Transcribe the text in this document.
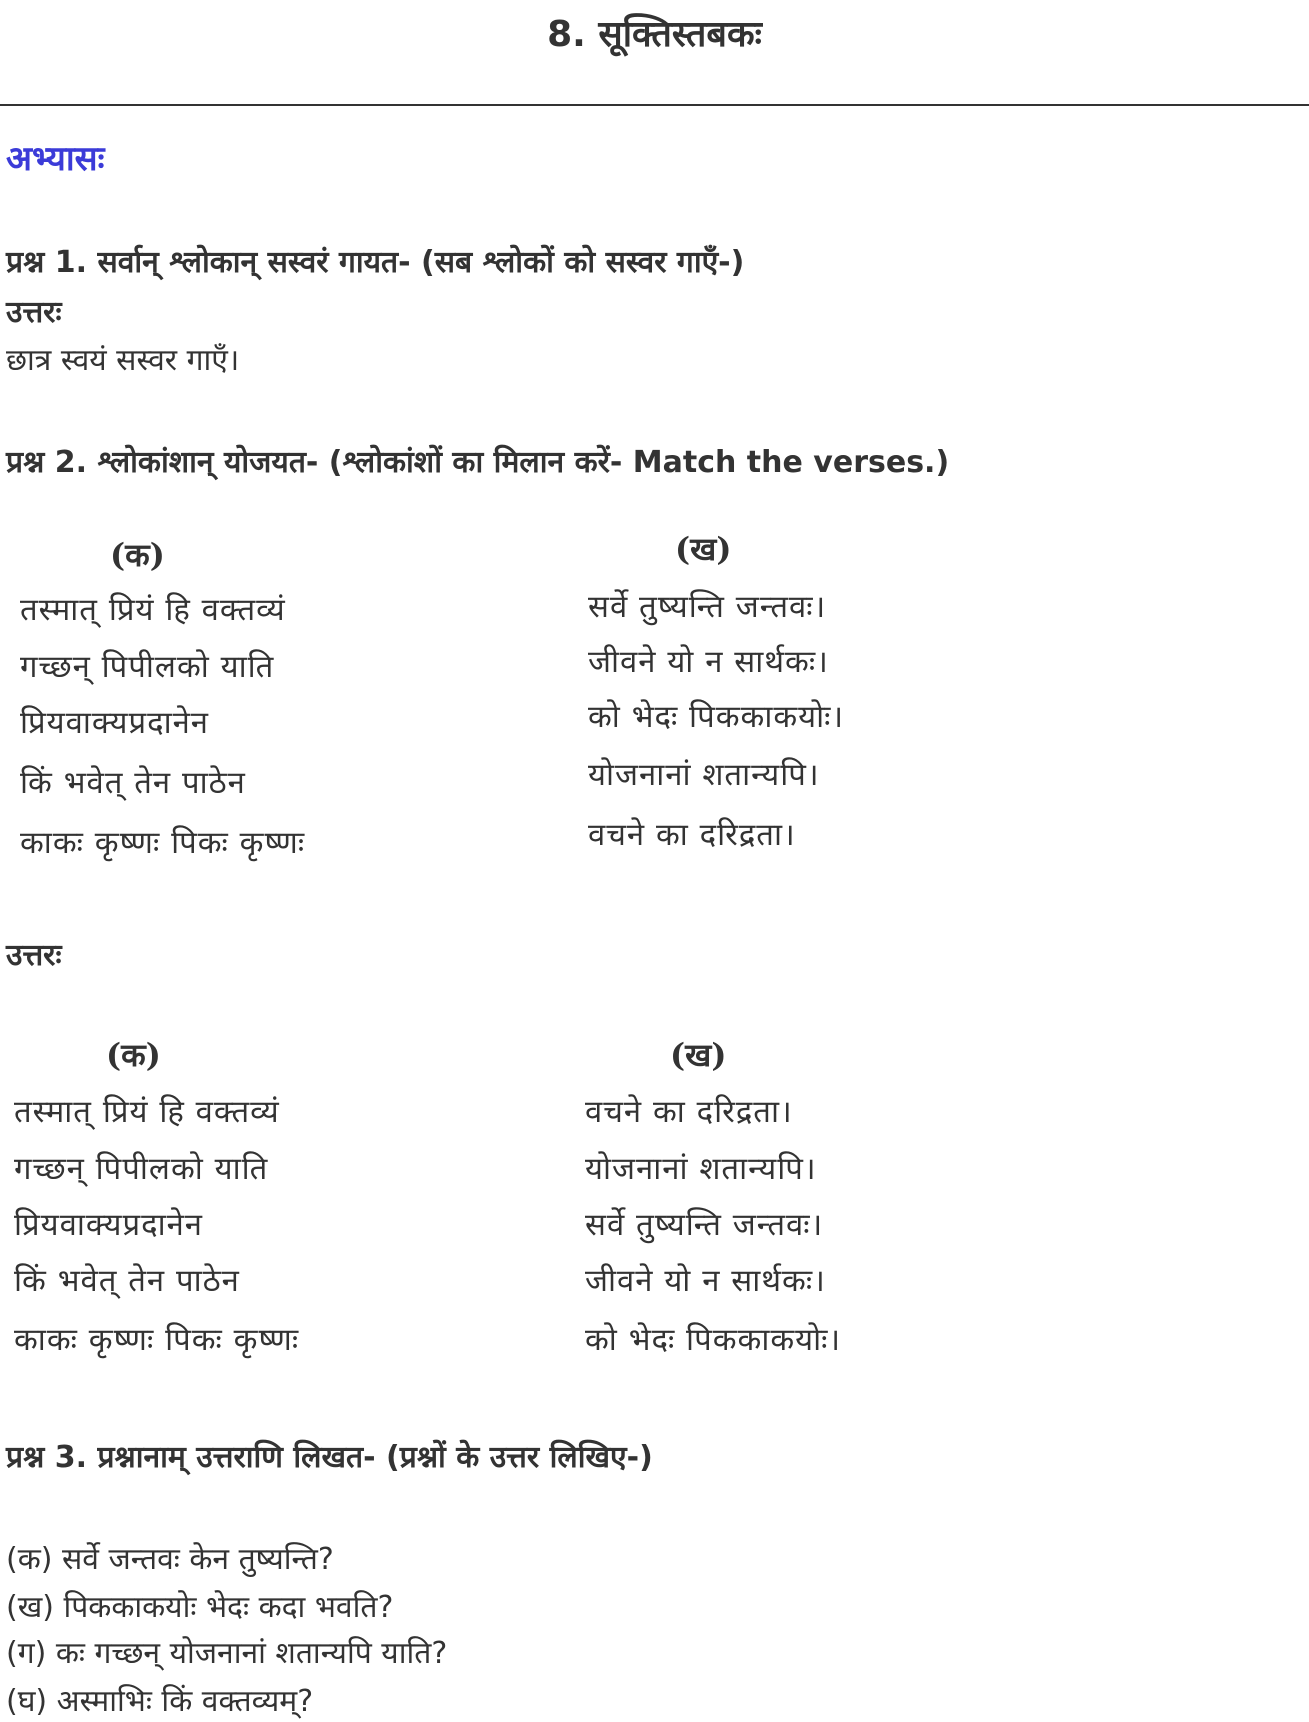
8. सूक्तिस्तबकः
अभ्यासः
प्रश्न 1. सर्वान् श्लोकान् सस्वरं गायत- (सब श्लोकों को सस्वर गाएँ-)
उत्तरः
छात्र स्वयं सस्वर गाएँ।
प्रश्न 2. श्लोकांशान् योजयत- (श्लोकांशों का मिलान करें- Match the verses.)
(क)	(ख)
तस्मात् प्रियं हि वक्तव्यं
गच्छन् पिपीलको याति
प्रियवाक्यप्रदानेन
किं भवेत् तेन पाठेन
काकः कृष्णः पिकः कृष्णः
सर्वे तुष्यन्ति जन्तवः।
जीवने यो न सार्थकः।
को भेदः पिककाकयोः।
योजनानां शतान्यपि।
वचने का दरिद्रता।
उत्तरः
(क)	(ख)
तस्मात् प्रियं हि वक्तव्यं
गच्छन् पिपीलको याति
प्रियवाक्यप्रदानेन
किं भवेत् तेन पाठेन
काकः कृष्णः पिकः कृष्णः
वचने का दरिद्रता।
योजनानां शतान्यपि।
सर्वे तुष्यन्ति जन्तवः।
जीवने यो न सार्थकः।
को भेदः पिककाकयोः।
प्रश्न 3. प्रश्नानाम् उत्तराणि लिखत- (प्रश्नों के उत्तर लिखिए-)
(क) सर्वे जन्तवः केन तुष्यन्ति?
(ख) पिककाकयोः भेदः कदा भवति?
(ग) कः गच्छन् योजनानां शतान्यपि याति?
(घ) अस्माभिः किं वक्तव्यम्?
